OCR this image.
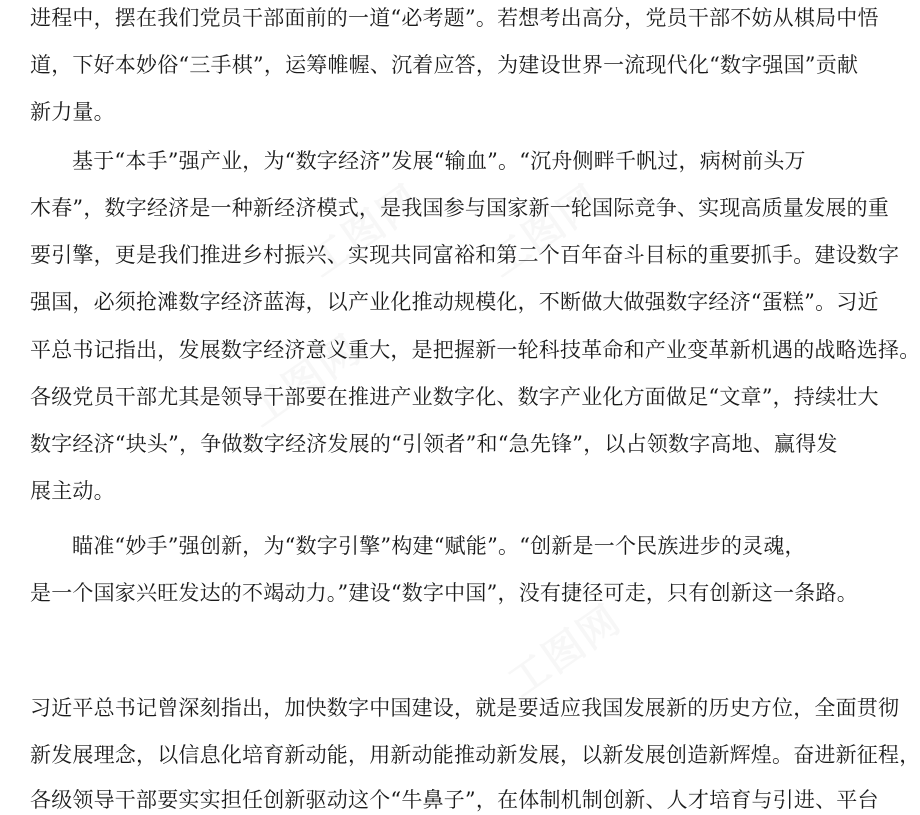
工图网 工图网
工图网
工图网
进程中，摆在我们党员干部面前的一道“必考题”。若想考出高分，党员干部不妨从棋局中悟
道，下好本妙俗“三手棋”，运筹帷幄、沉着应答，为建设世界一流现代化“数字强国”贡献
新力量。
基于“本手”强产业，为“数字经济”发展“输血”。“沉舟侧畔千帆过，病树前头万
木春”，数字经济是一种新经济模式，是我国参与国家新一轮国际竞争、实现高质量发展的重
要引擎，更是我们推进乡村振兴、实现共同富裕和第二个百年奋斗目标的重要抓手。建设数字
强国，必须抢滩数字经济蓝海，以产业化推动规模化，不断做大做强数字经济“蛋糕”。习近
平总书记指出，发展数字经济意义重大，是把握新一轮科技革命和产业变革新机遇的战略选择。
各级党员干部尤其是领导干部要在推进产业数字化、数字产业化方面做足“文章”，持续壮大
数字经济“块头”，争做数字经济发展的“引领者”和“急先锋”，以占领数字高地、赢得发
展主动。
瞄准“妙手”强创新，为“数字引擎”构建“赋能”。“创新是一个民族进步的灵魂，
是一个国家兴旺发达的不竭动力。”建设“数字中国”，没有捷径可走，只有创新这一条路。
习近平总书记曾深刻指出，加快数字中国建设，就是要适应我国发展新的历史方位，全面贯彻
新发展理念，以信息化培育新动能，用新动能推动新发展，以新发展创造新辉煌。奋进新征程，
各级领导干部要实实担任创新驱动这个“牛鼻子”，在体制机制创新、人才培育与引进、平台
